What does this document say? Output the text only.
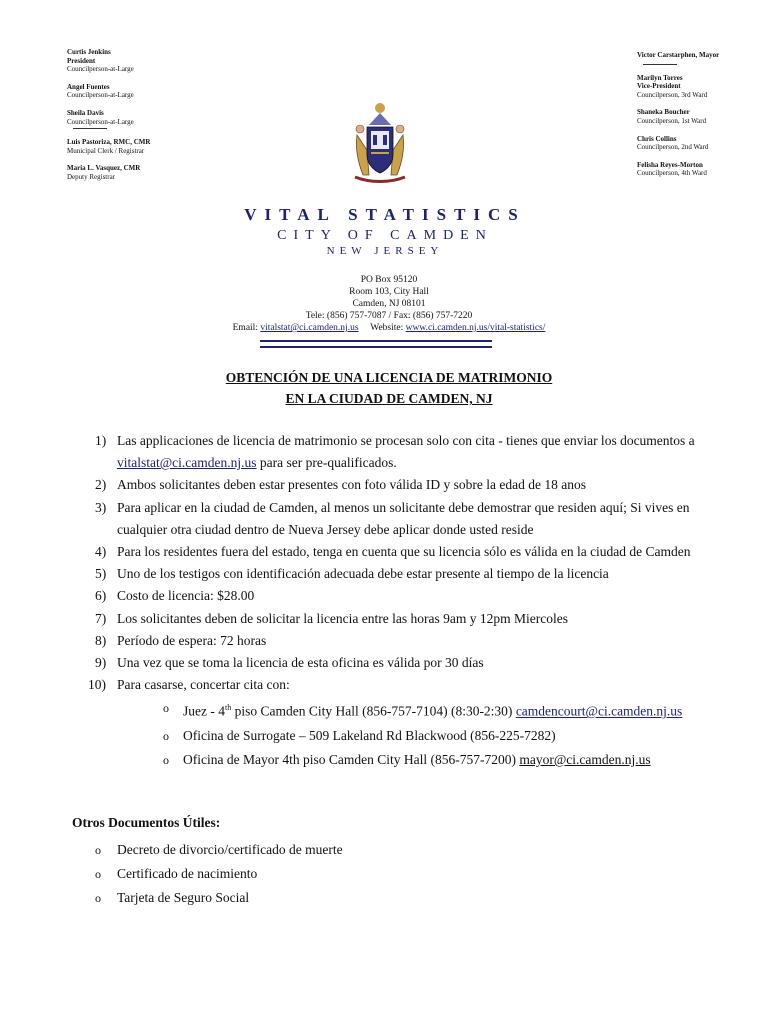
Curtis Jenkins
President
Councilperson-at-Large
Angel Fuentes
Councilperson-at-Large
Sheila Davis
Councilperson-at-Large
Luis Pastoriza, RMC, CMR
Municipal Clerk / Registrar
Maria L. Vasquez, CMR
Deputy Registrar
Victor Carstarphen, Mayor
Marilyn Torres
Vice-President
Councilperson, 3rd Ward
Shaneka Boucher
Councilperson, 1st Ward
Chris Collins
Councilperson, 2nd Ward
Felisha Reyes-Morton
Councilperson, 4th Ward
VITAL STATISTICS
CITY OF CAMDEN
NEW JERSEY
PO Box 95120
Room 103, City Hall
Camden, NJ 08101
Tele: (856) 757-7087 / Fax: (856) 757-7220
Email: vitalstat@ci.camden.nj.us Website: www.ci.camden.nj.us/vital-statistics/
OBTENCIÓN DE UNA LICENCIA DE MATRIMONIO
EN LA CIUDAD DE CAMDEN, NJ
1) Las applicaciones de licencia de matrimonio se procesan solo con cita - tienes que enviar los documentos a vitalstat@ci.camden.nj.us para ser pre-qualificados.
2) Ambos solicitantes deben estar presentes con foto válida ID y sobre la edad de 18 anos
3) Para aplicar en la ciudad de Camden, al menos un solicitante debe demostrar que residen aquí; Si vives en cualquier otra ciudad dentro de Nueva Jersey debe aplicar donde usted reside
4) Para los residentes fuera del estado, tenga en cuenta que su licencia sólo es válida en la ciudad de Camden
5) Uno de los testigos con identificación adecuada debe estar presente al tiempo de la licencia
6) Costo de licencia: $28.00
7) Los solicitantes deben de solicitar la licencia entre las horas 9am y 12pm Miercoles
8) Período de espera: 72 horas
9) Una vez que se toma la licencia de esta oficina es válida por 30 días
10) Para casarse, concertar cita con:
o Juez - 4th piso Camden City Hall (856-757-7104) (8:30-2:30) camdencourt@ci.camden.nj.us
o Oficina de Surrogate – 509 Lakeland Rd Blackwood (856-225-7282)
o Oficina de Mayor 4th piso Camden City Hall (856-757-7200) mayor@ci.camden.nj.us
Otros Documentos Útiles:
o Decreto de divorcio/certificado de muerte
o Certificado de nacimiento
o Tarjeta de Seguro Social
